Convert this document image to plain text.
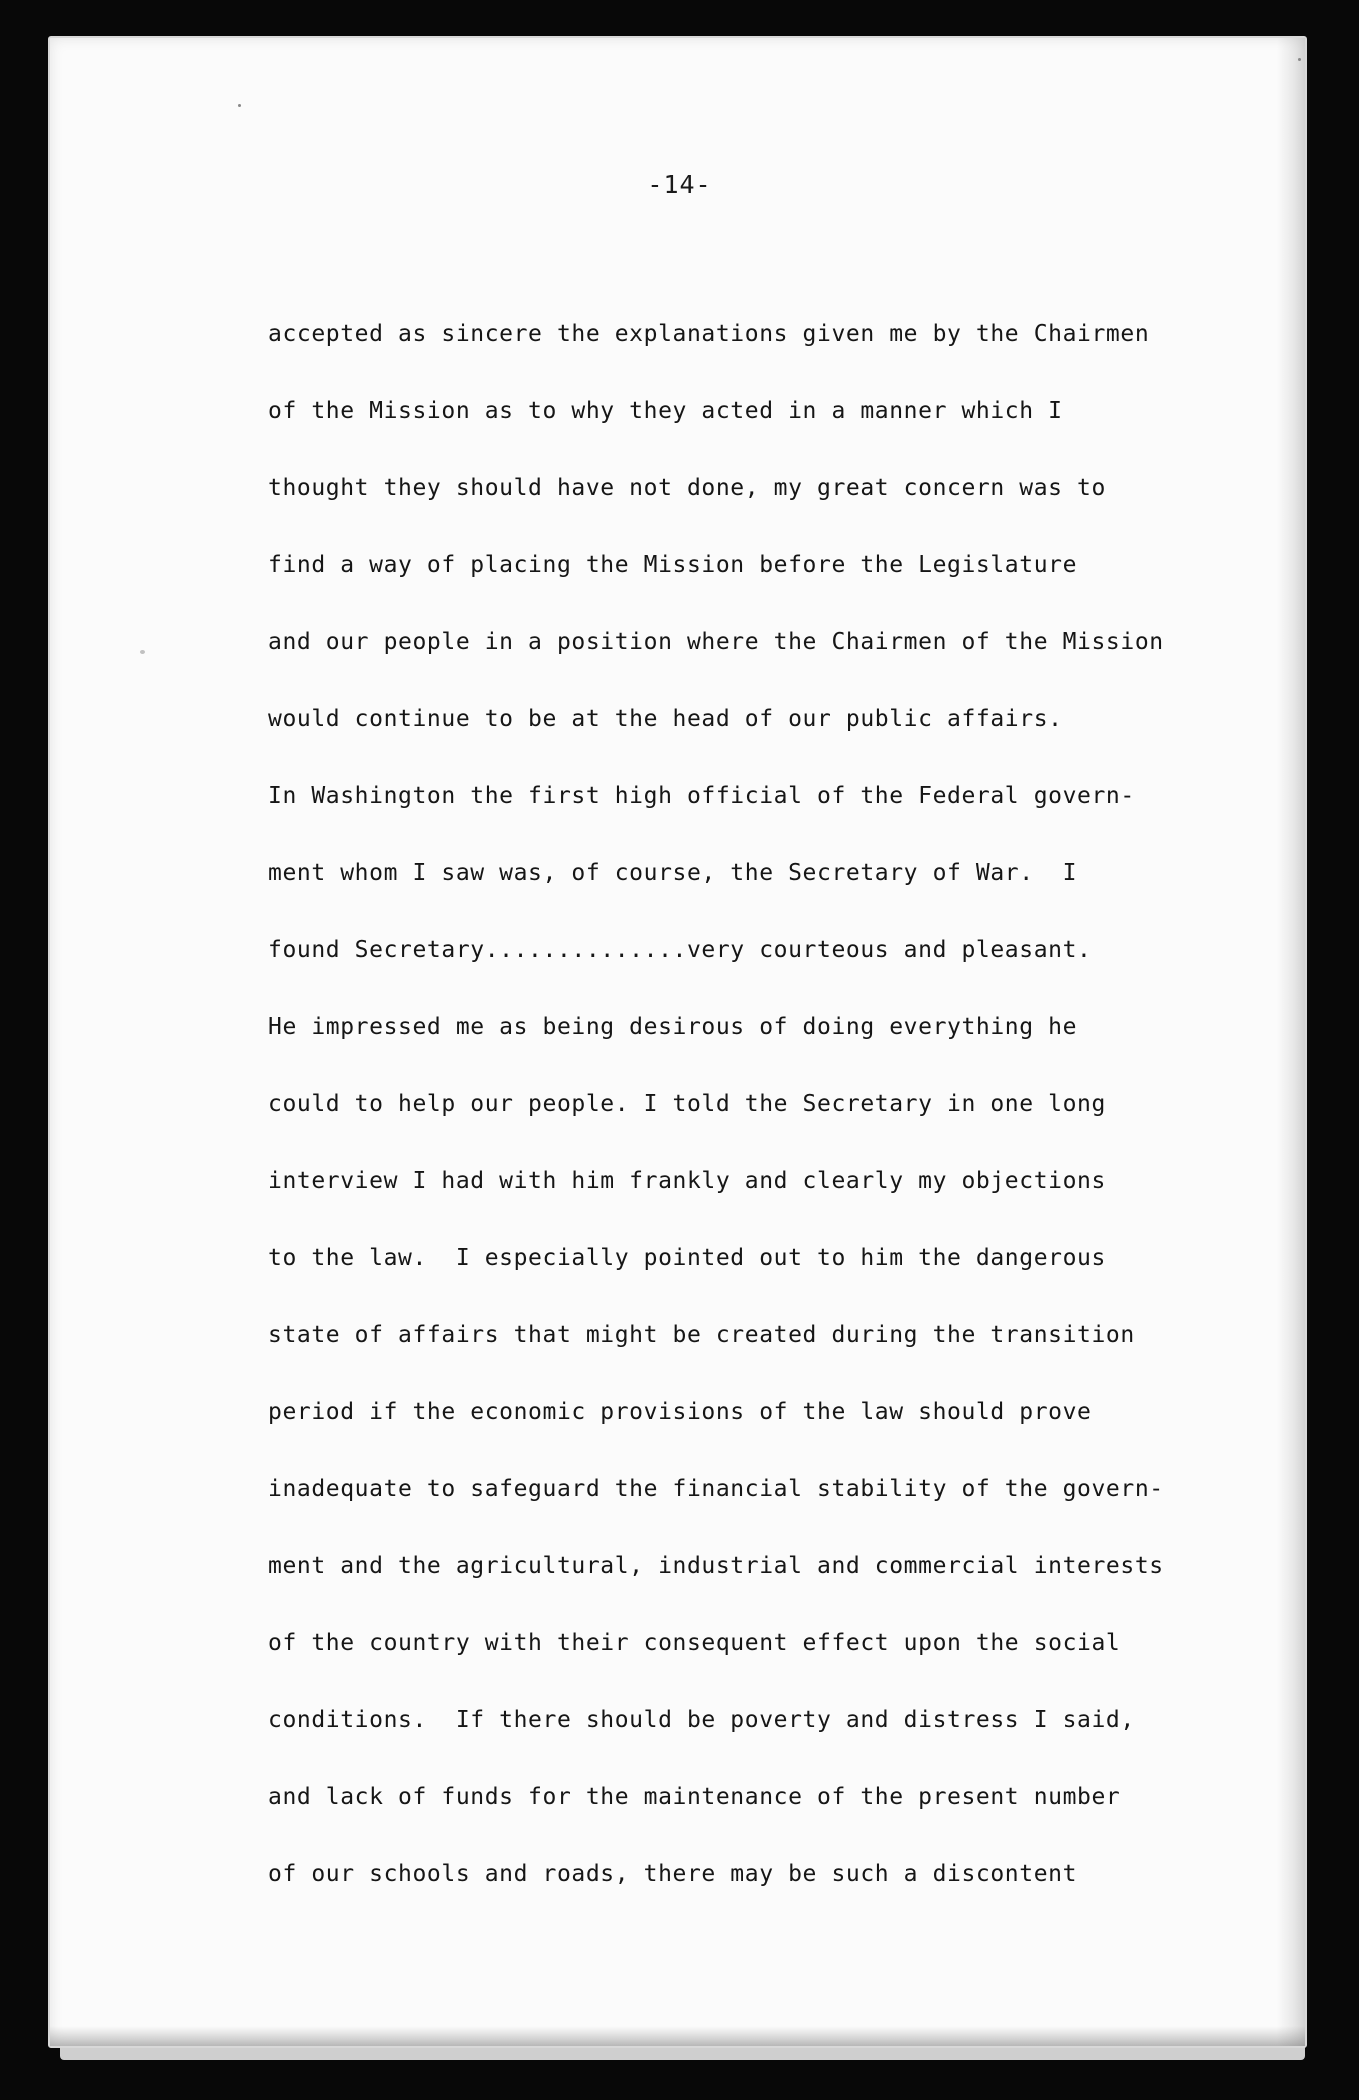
-14-
accepted as sincere the explanations given me by the Chairmen
of the Mission as to why they acted in a manner which I
thought they should have not done, my great concern was to
find a way of placing the Mission before the Legislature
and our people in a position where the Chairmen of the Mission
would continue to be at the head of our public affairs.
In Washington the first high official of the Federal govern-
ment whom I saw was, of course, the Secretary of War.  I
found Secretary..............very courteous and pleasant.
He impressed me as being desirous of doing everything he
could to help our people. I told the Secretary in one long
interview I had with him frankly and clearly my objections
to the law.  I especially pointed out to him the dangerous
state of affairs that might be created during the transition
period if the economic provisions of the law should prove
inadequate to safeguard the financial stability of the govern-
ment and the agricultural, industrial and commercial interests
of the country with their consequent effect upon the social
conditions.  If there should be poverty and distress I said,
and lack of funds for the maintenance of the present number
of our schools and roads, there may be such a discontent
